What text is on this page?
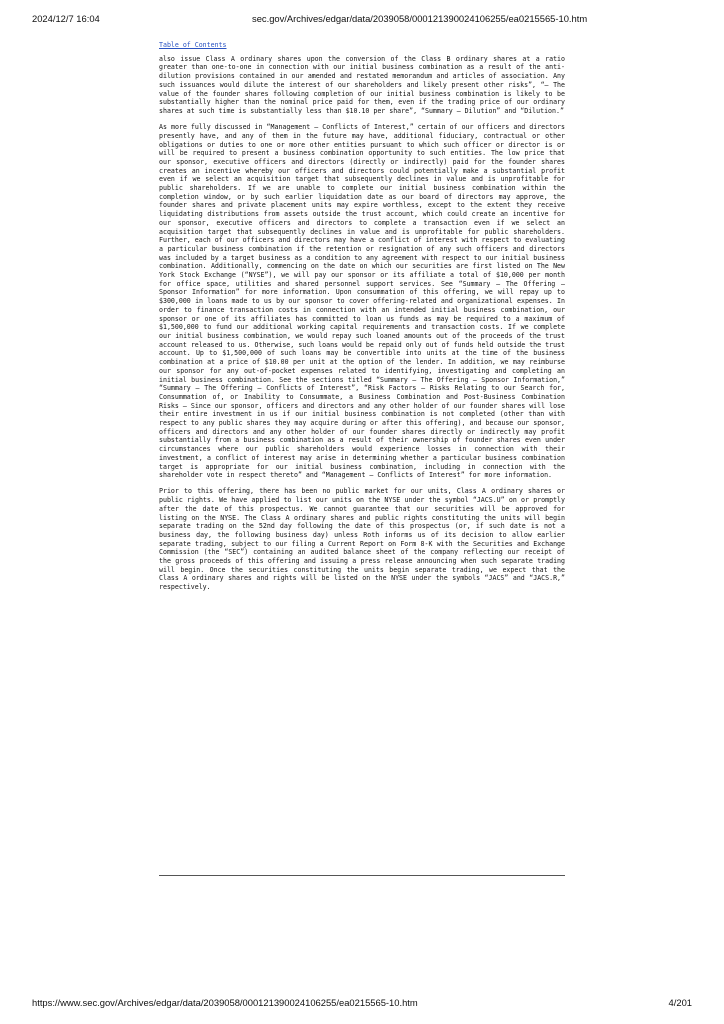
2024/12/7 16:04	sec.gov/Archives/edgar/data/2039058/000121390024106255/ea0215565-10.htm
Table of Contents

also issue Class A ordinary shares upon the conversion of the Class B ordinary shares at a ratio greater than one-to-one in connection with our initial business combination as a result of the anti-dilution provisions contained in our amended and restated memorandum and articles of association. Any such issuances would dilute the interest of our shareholders and likely present other risks”, “— The value of the founder shares following completion of our initial business combination is likely to be substantially higher than the nominal price paid for them, even if the trading price of our ordinary shares at such time is substantially less than $10.10 per share”, “Summary — Dilution” and “Dilution.”

As more fully discussed in “Management — Conflicts of Interest,” certain of our officers and directors presently have, and any of them in the future may have, additional fiduciary, contractual or other obligations or duties to one or more other entities pursuant to which such officer or director is or will be required to present a business combination opportunity to such entities. The low price that our sponsor, executive officers and directors (directly or indirectly) paid for the founder shares creates an incentive whereby our officers and directors could potentially make a substantial profit even if we select an acquisition target that subsequently declines in value and is unprofitable for public shareholders. If we are unable to complete our initial business combination within the completion window, or by such earlier liquidation date as our board of directors may approve, the founder shares and private placement units may expire worthless, except to the extent they receive liquidating distributions from assets outside the trust account, which could create an incentive for our sponsor, executive officers and directors to complete a transaction even if we select an acquisition target that subsequently declines in value and is unprofitable for public shareholders. Further, each of our officers and directors may have a conflict of interest with respect to evaluating a particular business combination if the retention or resignation of any such officers and directors was included by a target business as a condition to any agreement with respect to our initial business combination. Additionally, commencing on the date on which our securities are first listed on The New York Stock Exchange (“NYSE”), we will pay our sponsor or its affiliate a total of $10,000 per month for office space, utilities and shared personnel support services. See “Summary — The Offering — Sponsor Information” for more information. Upon consummation of this offering, we will repay up to $300,000 in loans made to us by our sponsor to cover offering-related and organizational expenses. In order to finance transaction costs in connection with an intended initial business combination, our sponsor or one of its affiliates has committed to loan us funds as may be required to a maximum of $1,500,000 to fund our additional working capital requirements and transaction costs. If we complete our initial business combination, we would repay such loaned amounts out of the proceeds of the trust account released to us. Otherwise, such loans would be repaid only out of funds held outside the trust account. Up to $1,500,000 of such loans may be convertible into units at the time of the business combination at a price of $10.00 per unit at the option of the lender. In addition, we may reimburse our sponsor for any out-of-pocket expenses related to identifying, investigating and completing an initial business combination. See the sections titled “Summary — The Offering — Sponsor Information,” “Summary — The Offering — Conflicts of Interest”, “Risk Factors — Risks Relating to our Search for, Consummation of, or Inability to Consummate, a Business Combination and Post-Business Combination Risks — Since our sponsor, officers and directors and any other holder of our founder shares will lose their entire investment in us if our initial business combination is not completed (other than with respect to any public shares they may acquire during or after this offering), and because our sponsor, officers and directors and any other holder of our founder shares directly or indirectly may profit substantially from a business combination as a result of their ownership of founder shares even under circumstances where our public shareholders would experience losses in connection with their investment, a conflict of interest may arise in determining whether a particular business combination target is appropriate for our initial business combination, including in connection with the shareholder vote in respect thereto” and “Management — Conflicts of Interest” for more information.

Prior to this offering, there has been no public market for our units, Class A ordinary shares or public rights. We have applied to list our units on the NYSE under the symbol “JACS.U” on or promptly after the date of this prospectus. We cannot guarantee that our securities will be approved for listing on the NYSE. The Class A ordinary shares and public rights constituting the units will begin separate trading on the 52nd day following the date of this prospectus (or, if such date is not a business day, the following business day) unless Roth informs us of its decision to allow earlier separate trading, subject to our filing a Current Report on Form 8-K with the Securities and Exchange Commission (the “SEC”) containing an audited balance sheet of the company reflecting our receipt of the gross proceeds of this offering and issuing a press release announcing when such separate trading will begin. Once the securities constituting the units begin separate trading, we expect that the Class A ordinary shares and rights will be listed on the NYSE under the symbols “JACS” and “JACS.R,” respectively.

https://www.sec.gov/Archives/edgar/data/2039058/000121390024106255/ea0215565-10.htm	4/201
